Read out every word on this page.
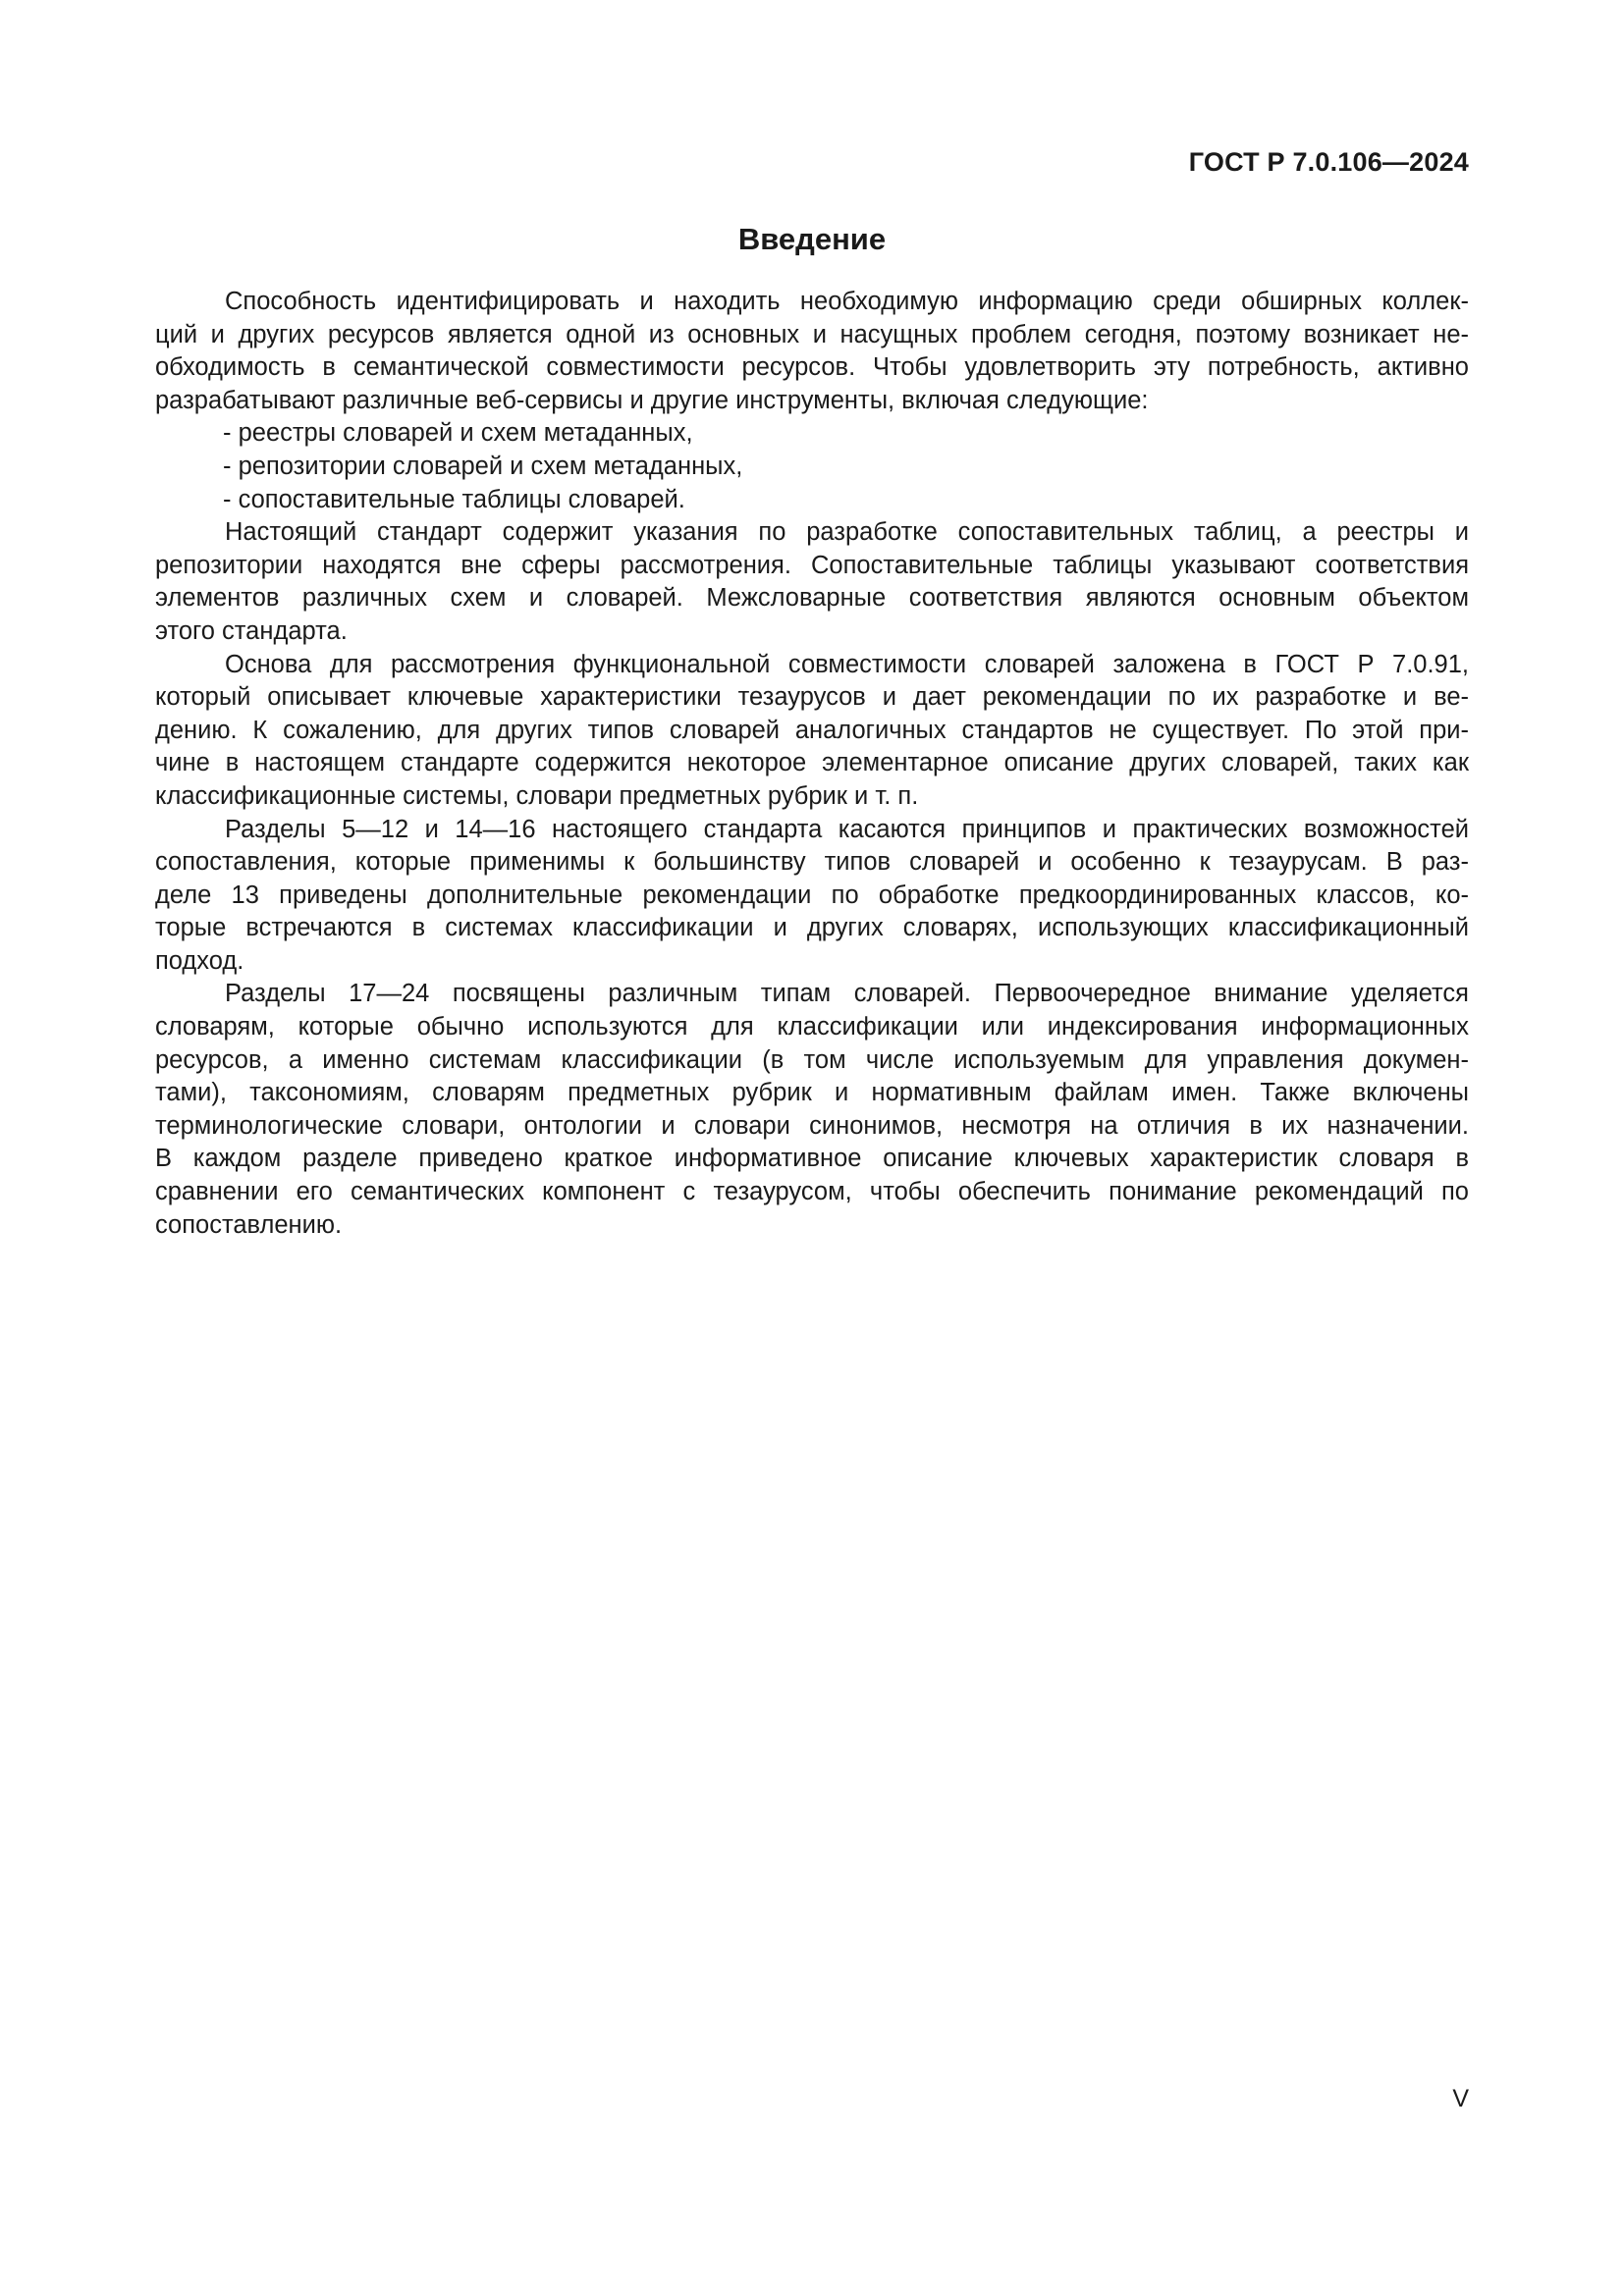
ГОСТ Р 7.0.106—2024
Введение
Способность идентифицировать и находить необходимую информацию среди обширных коллек-
ций и других ресурсов является одной из основных и насущных проблем сегодня, поэтому возникает не-
обходимость в семантической совместимости ресурсов. Чтобы удовлетворить эту потребность, активно
разрабатывают различные веб-сервисы и другие инструменты, включая следующие:
- реестры словарей и схем метаданных,
- репозитории словарей и схем метаданных,
- сопоставительные таблицы словарей.
Настоящий стандарт содержит указания по разработке сопоставительных таблиц, а реестры и
репозитории находятся вне сферы рассмотрения. Сопоставительные таблицы указывают соответствия
элементов различных схем и словарей. Межсловарные соответствия являются основным объектом
этого стандарта.
Основа для рассмотрения функциональной совместимости словарей заложена в ГОСТ Р 7.0.91,
который описывает ключевые характеристики тезаурусов и дает рекомендации по их разработке и ве-
дению. К сожалению, для других типов словарей аналогичных стандартов не существует. По этой при-
чине в настоящем стандарте содержится некоторое элементарное описание других словарей, таких как
классификационные системы, словари предметных рубрик и т. п.
Разделы 5—12 и 14—16 настоящего стандарта касаются принципов и практических возможностей
сопоставления, которые применимы к большинству типов словарей и особенно к тезаурусам. В раз-
деле 13 приведены дополнительные рекомендации по обработке предкоординированных классов, ко-
торые встречаются в системах классификации и других словарях, использующих классификационный
подход.
Разделы 17—24 посвящены различным типам словарей. Первоочередное внимание уделяется
словарям, которые обычно используются для классификации или индексирования информационных
ресурсов, а именно системам классификации (в том числе используемым для управления докумен-
тами), таксономиям, словарям предметных рубрик и нормативным файлам имен. Также включены
терминологические словари, онтологии и словари синонимов, несмотря на отличия в их назначении.
В каждом разделе приведено краткое информативное описание ключевых характеристик словаря в
сравнении его семантических компонент с тезаурусом, чтобы обеспечить понимание рекомендаций по
сопоставлению.
V
